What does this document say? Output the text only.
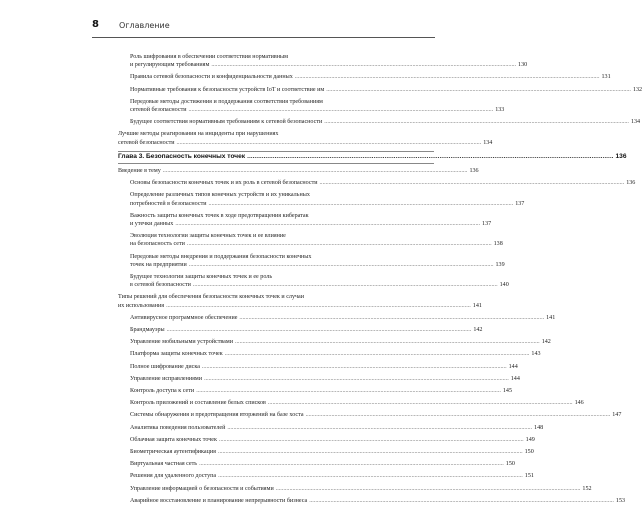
8	Оглавление
Роль шифрования в обеспечении соответствия нормативным
и регулирующим требованиям ........................................................................................................................................................................................................ 130
Правила сетевой безопасности и конфиденциальности данных ........................................................................................................................................................................................................ 131
Нормативные требования к безопасности устройств IoT и соответствие им ........................................................................................................................................................................................................ 132
Передовые методы достижения и поддержания соответствия требованиям
сетевой безопасности ........................................................................................................................................................................................................ 133
Будущее соответствия нормативным требованиям к сетевой безопасности ........................................................................................................................................................................................................ 134
Лучшие методы реагирования на инциденты при нарушениях
сетевой безопасности ........................................................................................................................................................................................................ 134
Глава 3. Безопасность конечных точек ........................................................................................................................................................................................................ 136
Введение в тему ........................................................................................................................................................................................................ 136
Основы безопасности конечных точек и их роль в сетевой безопасности ........................................................................................................................................................................................................ 136
Определение различных типов конечных устройств и их уникальных
потребностей в безопасности ........................................................................................................................................................................................................ 137
Важность защиты конечных точек в ходе предотвращения кибератак
и утечки данных ........................................................................................................................................................................................................ 137
Эволюция технологии защиты конечных точек и ее влияние
на безопасность сети ........................................................................................................................................................................................................ 138
Передовые методы внедрения и поддержания безопасности конечных
точек на предприятии ........................................................................................................................................................................................................ 139
Будущее технологии защиты конечных точек и ее роль
в сетевой безопасности ........................................................................................................................................................................................................ 140
Типы решений для обеспечения безопасности конечных точек и случаи
их использования ........................................................................................................................................................................................................ 141
Антивирусное программное обеспечение ........................................................................................................................................................................................................ 141
Брандмауэры ........................................................................................................................................................................................................ 142
Управление мобильными устройствами ........................................................................................................................................................................................................ 142
Платформа защиты конечных точек ........................................................................................................................................................................................................ 143
Полное шифрование диска ........................................................................................................................................................................................................ 144
Управление исправлениями ........................................................................................................................................................................................................ 144
Контроль доступа к сети ........................................................................................................................................................................................................ 145
Контроль приложений и составление белых списков ........................................................................................................................................................................................................ 146
Системы обнаружения и предотвращения вторжений на базе хоста ........................................................................................................................................................................................................ 147
Аналитика поведения пользователей ........................................................................................................................................................................................................ 148
Облачная защита конечных точек ........................................................................................................................................................................................................ 149
Биометрическая аутентификация ........................................................................................................................................................................................................ 150
Виртуальная частная сеть ........................................................................................................................................................................................................ 150
Решения для удаленного доступа ........................................................................................................................................................................................................ 151
Управление информацией о безопасности и событиями ........................................................................................................................................................................................................ 152
Аварийное восстановление и планирование непрерывности бизнеса ........................................................................................................................................................................................................ 153
